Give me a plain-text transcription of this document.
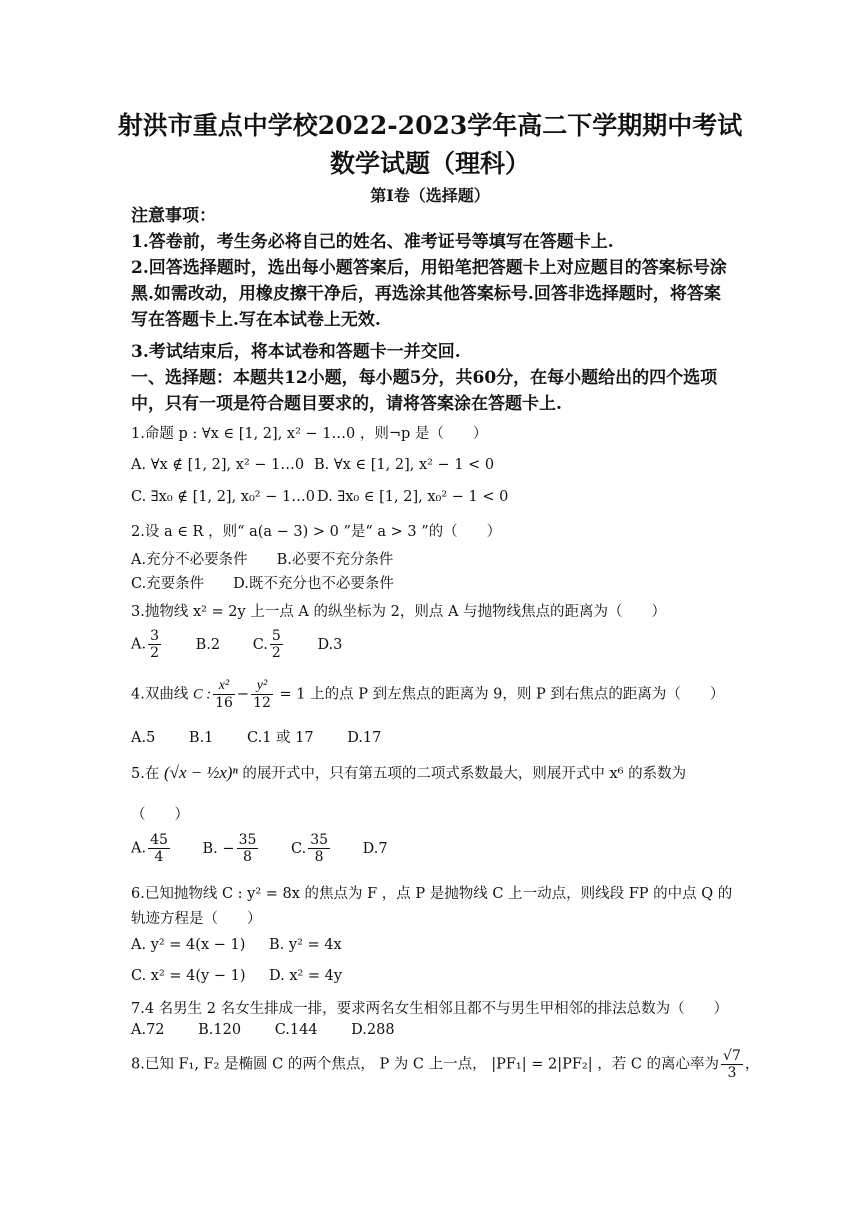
射洪市重点中学校2022-2023学年高二下学期期中考试
数学试题（理科）
第I卷（选择题）
注意事项：
1.答卷前，考生务必将自己的姓名、准考证号等填写在答题卡上.
2.回答选择题时，选出每小题答案后，用铅笔把答题卡上对应题目的答案标号涂
黑.如需改动，用橡皮擦干净后，再选涂其他答案标号.回答非选择题时，将答案
写在答题卡上.写在本试卷上无效.
3.考试结束后，将本试卷和答题卡一并交回.
一、选择题：本题共12小题，每小题5分，共60分，在每小题给出的四个选项
中，只有一项是符合题目要求的，请将答案涂在答题卡上.
1.命题 p : ∀x ∈ [1, 2], x² − 1…0 ，则¬p 是（　　）
A. ∀x ∉ [1, 2], x² − 1…0 B. ∀x ∈ [1, 2], x² − 1 < 0
C. ∃x₀ ∉ [1, 2], x₀² − 1…0 D. ∃x₀ ∈ [1, 2], x₀² − 1 < 0
2.设 a ∈ R ，则“ a(a − 3) > 0 ”是“ a > 3 ”的（　　）
A.充分不必要条件　　B.必要不充分条件
C.充要条件　　D.既不充分也不必要条件
3.抛物线 x² = 2y 上一点 A 的纵坐标为 2，则点 A 与抛物线焦点的距离为（　　）
A. $\frac{3}{2} B.2$ C. $\frac{5}{2} D.3$
4.双曲线 C : $\frac{\text{x²}}{16} - \frac{\text{y²}}{12} = 1$ 上的点 P 到左焦点的距离为 9，则 P 到右焦点的距离为（　　）
A.5　　 B.1　　 C.1 或 17　　 D.17
5.在 (√x − ½x)ⁿ 的展开式中，只有第五项的二项式系数最大，则展开式中 x⁶ 的系数为
（　　）
A. $\frac{45}{4} B$. − $\frac{35}{8} C$. $\frac{35}{8} D.7$
6.已知抛物线 C : y² = 8x 的焦点为 F ，点 P 是抛物线 C 上一动点，则线段 FP 的中点 Q 的
轨迹方程是（　　）
A. y² = 4(x − 1) B. y² = 4x
C. x² = 4(y − 1) D. x² = 4y
7.4 名男生 2 名女生排成一排，要求两名女生相邻且都不与男生甲相邻的排法总数为（　　）
A.72　　 B.120　　 C.144　　 D.288
8.已知 F₁, F₂ 是椭圆 C 的两个焦点， P 为 C 上一点， |PF₁| = 2|PF₂| ，若 C 的离心率为 $\frac{√7}{3}$ ，
